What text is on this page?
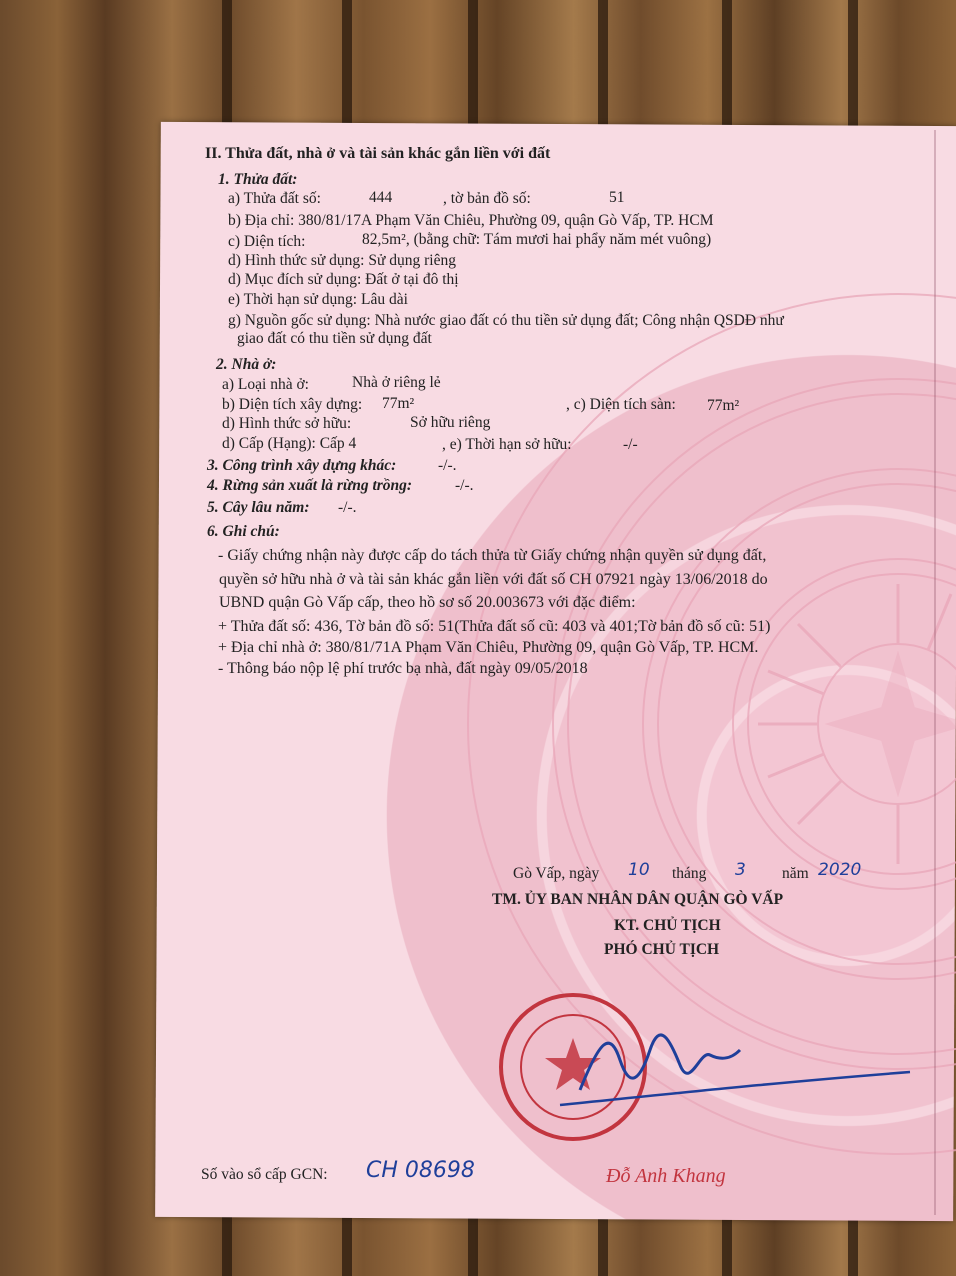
II. Thửa đất, nhà ở và tài sản khác gắn liền với đất
1. Thửa đất:
a) Thửa đất số:	444	, tờ bản đồ số:	51
b) Địa chỉ: 380/81/17A Phạm Văn Chiêu, Phường 09, quận Gò Vấp, TP. HCM
c) Diện tích:	82,5m², (bằng chữ: Tám mươi hai phẩy năm mét vuông)
d) Hình thức sử dụng: Sử dụng riêng
d) Mục đích sử dụng: Đất ở tại đô thị
e) Thời hạn sử dụng: Lâu dài
g) Nguồn gốc sử dụng: Nhà nước giao đất có thu tiền sử dụng đất; Công nhận QSDĐ như
giao đất có thu tiền sử dụng đất
2. Nhà ở:
a) Loại nhà ở:	Nhà ở riêng lẻ
b) Diện tích xây dựng: 77m²	, c) Diện tích sàn: 77m²
d) Hình thức sở hữu:	Sở hữu riêng
d) Cấp (Hạng): Cấp 4	, e) Thời hạn sở hữu:	-/-
3. Công trình xây dựng khác:	-/-.
4. Rừng sản xuất là rừng trồng:	-/-.
5. Cây lâu năm: -/-.
6. Ghi chú:
- Giấy chứng nhận này được cấp do tách thửa từ Giấy chứng nhận quyền sử dụng đất,
quyền sở hữu nhà ở và tài sản khác gắn liền với đất số CH 07921 ngày 13/06/2018 do
UBND quận Gò Vấp cấp, theo hồ sơ số 20.003673 với đặc điểm:
+ Thửa đất số: 436, Tờ bản đồ số: 51(Thửa đất số cũ: 403 và 401;Tờ bản đồ số cũ: 51)
+ Địa chỉ nhà ở: 380/81/71A Phạm Văn Chiêu, Phường 09, quận Gò Vấp, TP. HCM.
- Thông báo nộp lệ phí trước bạ nhà, đất ngày 09/05/2018
Gò Vấp, ngày 10 tháng 3 năm 2020
TM. ỦY BAN NHÂN DÂN QUẬN GÒ VẤP
KT. CHỦ TỊCH
PHÓ CHỦ TỊCH
Đỗ Anh Khang
Số vào sổ cấp GCN: CH 08698
